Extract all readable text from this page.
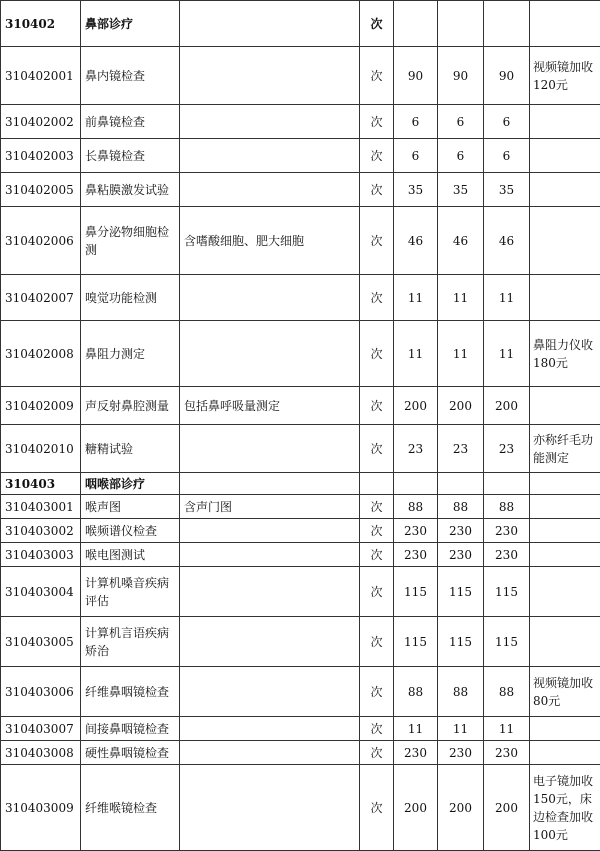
310402	鼻部诊疗		次				
310402001	鼻内镜检查		次	90	90	90	视频镜加收120元
310402002	前鼻镜检查		次	6	6	6	
310402003	长鼻镜检查		次	6	6	6	
310402005	鼻粘膜激发试验		次	35	35	35	
310402006	鼻分泌物细胞检测	含嗜酸细胞、肥大细胞	次	46	46	46	
310402007	嗅觉功能检测		次	11	11	11	
310402008	鼻阻力测定		次	11	11	11	鼻阻力仪收180元
310402009	声反射鼻腔测量	包括鼻呼吸量测定	次	200	200	200	
310402010	糖精试验		次	23	23	23	亦称纤毛功能测定
310403	咽喉部诊疗						
310403001	喉声图	含声门图	次	88	88	88	
310403002	喉频谱仪检查		次	230	230	230	
310403003	喉电图测试		次	230	230	230	
310403004	计算机嗓音疾病评估		次	115	115	115	
310403005	计算机言语疾病矫治		次	115	115	115	
310403006	纤维鼻咽镜检查		次	88	88	88	视频镜加收80元
310403007	间接鼻咽镜检查		次	11	11	11	
310403008	硬性鼻咽镜检查		次	230	230	230	
310403009	纤维喉镜检查		次	200	200	200	电子镜加收150元，床边检查加收100元
